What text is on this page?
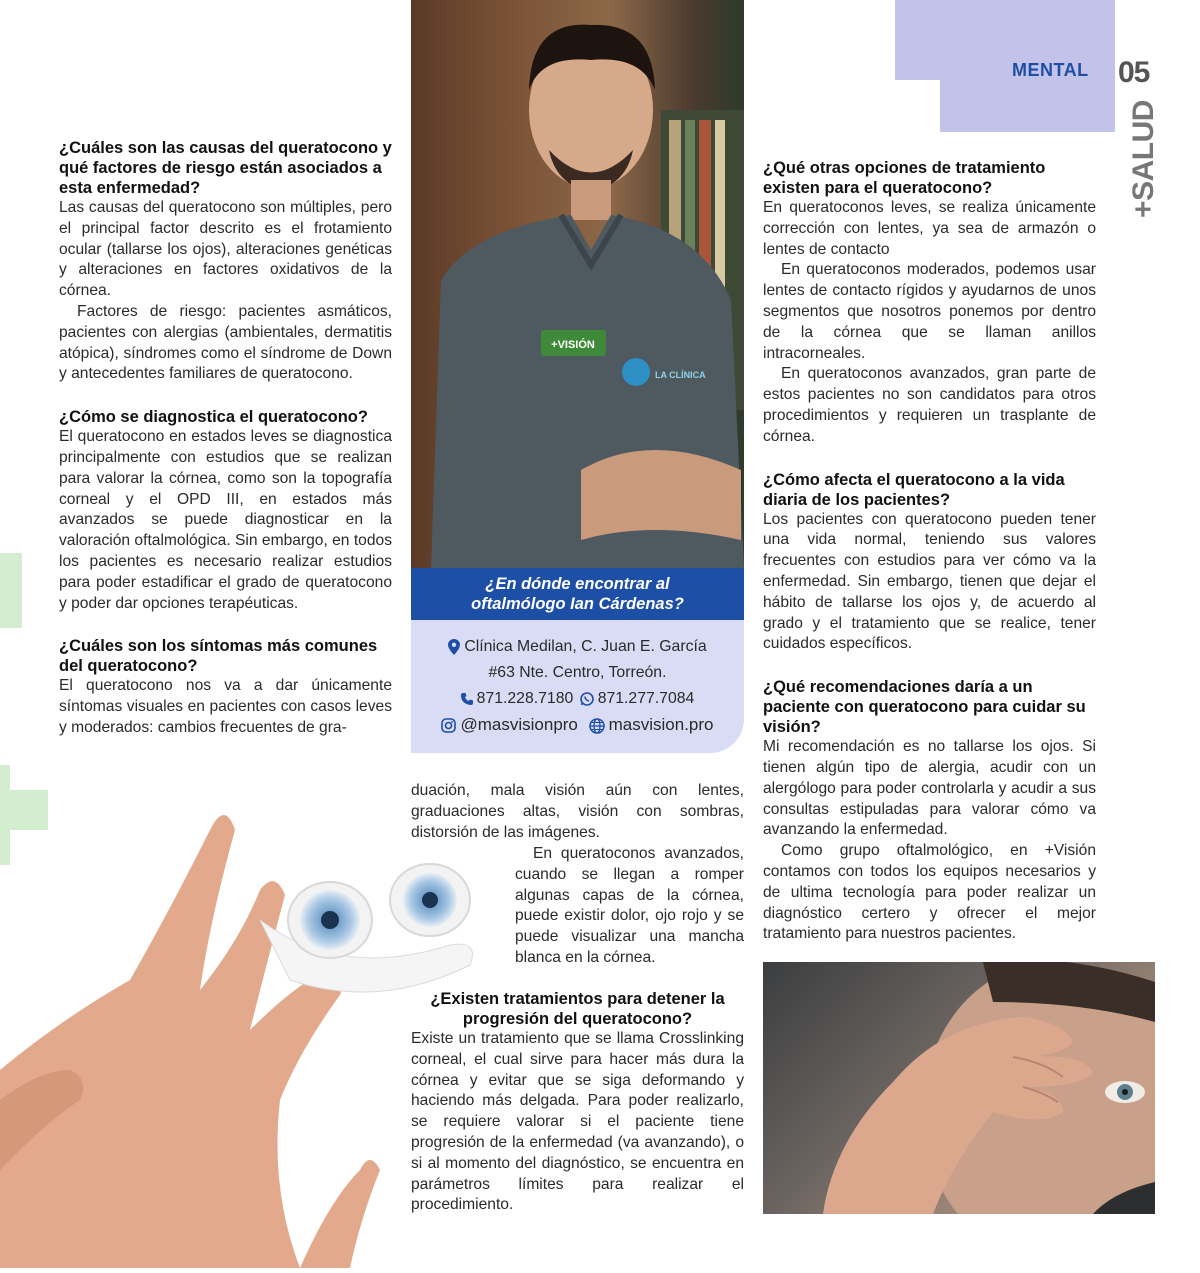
MENTAL 05
+SALUD

¿Cuáles son las causas del queratocono y qué factores de riesgo están asociados a esta enfermedad?

Las causas del queratocono son múltiples, pero el principal factor descrito es el frotamiento ocular (tallarse los ojos), alteraciones genéticas y alteraciones en factores oxidativos de la córnea.

Factores de riesgo: pacientes asmáticos, pacientes con alergias (ambientales, dermatitis atópica), síndromes como el síndrome de Down y antecedentes familiares de queratocono.

¿Cómo se diagnostica el queratocono?

El queratocono en estados leves se diagnostica principalmente con estudios que se realizan para valorar la córnea, como son la topografía corneal y el OPD III, en estados más avanzados se puede diagnosticar en la valoración oftalmológica. Sin embargo, en todos los pacientes es necesario realizar estudios para poder estadificar el grado de queratocono y poder dar opciones terapéuticas.

¿Cuáles son los síntomas más comunes del queratocono?

El queratocono nos va a dar únicamente síntomas visuales en pacientes con casos leves y moderados: cambios frecuentes de gra-

+VISIÓN
LA CLÍNICA
¿En dónde encontrar al oftalmólogo Ian Cárdenas?
Clínica Medilan, C. Juan E. García
#63 Nte. Centro, Torreón.
871.228.7180 871.277.7084
@masvisionpro masvision.pro

duación, mala visión aún con lentes, graduaciones altas, visión con sombras, distorsión de las imágenes.

En queratoconos avanzados, cuando se llegan a romper algunas capas de la córnea, puede existir dolor, ojo rojo y se puede visualizar una mancha blanca en la córnea.

¿Existen tratamientos para detener la progresión del queratocono?

Existe un tratamiento que se llama Crosslinking corneal, el cual sirve para hacer más dura la córnea y evitar que se siga deformando y haciendo más delgada. Para poder realizarlo, se requiere valorar si el paciente tiene progresión de la enfermedad (va avanzando), o si al momento del diagnóstico, se encuentra en parámetros límites para realizar el procedimiento.

¿Qué otras opciones de tratamiento existen para el queratocono?

En queratoconos leves, se realiza únicamente corrección con lentes, ya sea de armazón o lentes de contacto

En queratoconos moderados, podemos usar lentes de contacto rígidos y ayudarnos de unos segmentos que nosotros ponemos por dentro de la córnea que se llaman anillos intracorneales.

En queratoconos avanzados, gran parte de estos pacientes no son candidatos para otros procedimientos y requieren un trasplante de córnea.

¿Cómo afecta el queratocono a la vida diaria de los pacientes?

Los pacientes con queratocono pueden tener una vida normal, teniendo sus valores frecuentes con estudios para ver cómo va la enfermedad. Sin embargo, tienen que dejar el hábito de tallarse los ojos y, de acuerdo al grado y el tratamiento que se realice, tener cuidados específicos.

¿Qué recomendaciones daría a un paciente con queratocono para cuidar su visión?

Mi recomendación es no tallarse los ojos. Si tienen algún tipo de alergia, acudir con un alergólogo para poder controlarla y acudir a sus consultas estipuladas para valorar cómo va avanzando la enfermedad.

Como grupo oftalmológico, en +Visión contamos con todos los equipos necesarios y de ultima tecnología para poder realizar un diagnóstico certero y ofrecer el mejor tratamiento para nuestros pacientes.
